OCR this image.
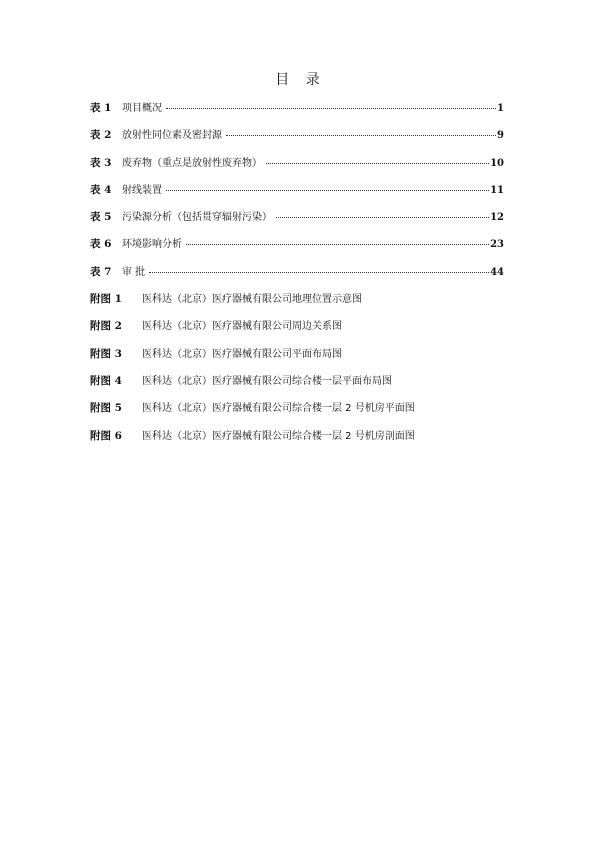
目 录
表 1	项目概况	1
表 2	放射性同位素及密封源	9
表 3	废弃物（重点是放射性废弃物）	10
表 4	射线装置	11
表 5	污染源分析（包括贯穿辐射污染）	12
表 6	环境影响分析	23
表 7	审 批	44
附图 1	医科达（北京）医疗器械有限公司地理位置示意图
附图 2	医科达（北京）医疗器械有限公司周边关系图
附图 3	医科达（北京）医疗器械有限公司平面布局图
附图 4	医科达（北京）医疗器械有限公司综合楼一层平面布局图
附图 5	医科达（北京）医疗器械有限公司综合楼一层 2 号机房平面图
附图 6	医科达（北京）医疗器械有限公司综合楼一层 2 号机房剖面图
